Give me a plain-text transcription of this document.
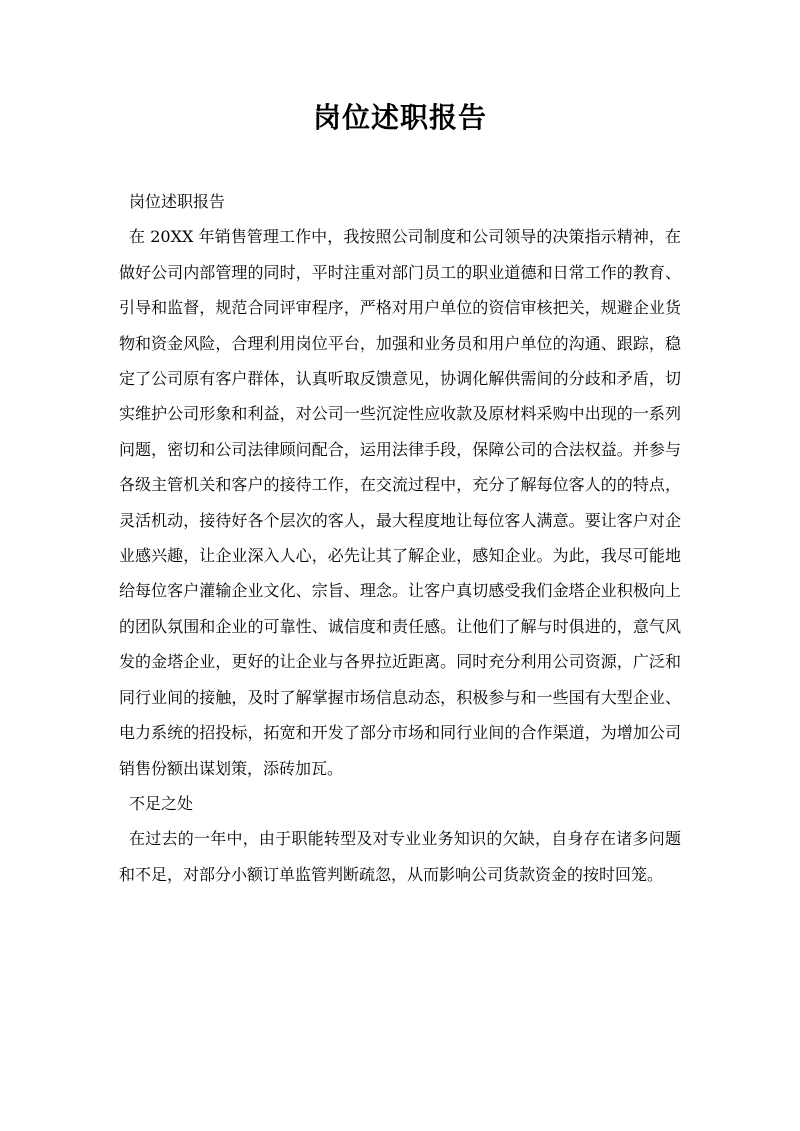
岗位述职报告

岗位述职报告

在 20XX 年销售管理工作中，我按照公司制度和公司领导的决策指示精神，在做好公司内部管理的同时，平时注重对部门员工的职业道德和日常工作的教育、引导和监督，规范合同评审程序，严格对用户单位的资信审核把关，规避企业货物和资金风险，合理利用岗位平台，加强和业务员和用户单位的沟通、跟踪，稳定了公司原有客户群体，认真听取反馈意见，协调化解供需间的分歧和矛盾，切实维护公司形象和利益，对公司一些沉淀性应收款及原材料采购中出现的一系列问题，密切和公司法律顾问配合，运用法律手段，保障公司的合法权益。并参与各级主管机关和客户的接待工作，在交流过程中，充分了解每位客人的的特点，灵活机动，接待好各个层次的客人，最大程度地让每位客人满意。要让客户对企业感兴趣，让企业深入人心，必先让其了解企业，感知企业。为此，我尽可能地给每位客户灌输企业文化、宗旨、理念。让客户真切感受我们金塔企业积极向上的团队氛围和企业的可靠性、诚信度和责任感。让他们了解与时俱进的，意气风发的金塔企业，更好的让企业与各界拉近距离。同时充分利用公司资源，广泛和同行业间的接触，及时了解掌握市场信息动态，积极参与和一些国有大型企业、电力系统的招投标，拓宽和开发了部分市场和同行业间的合作渠道，为增加公司销售份额出谋划策，添砖加瓦。

不足之处

在过去的一年中，由于职能转型及对专业业务知识的欠缺，自身存在诸多问题和不足，对部分小额订单监管判断疏忽，从而影响公司货款资金的按时回笼。
